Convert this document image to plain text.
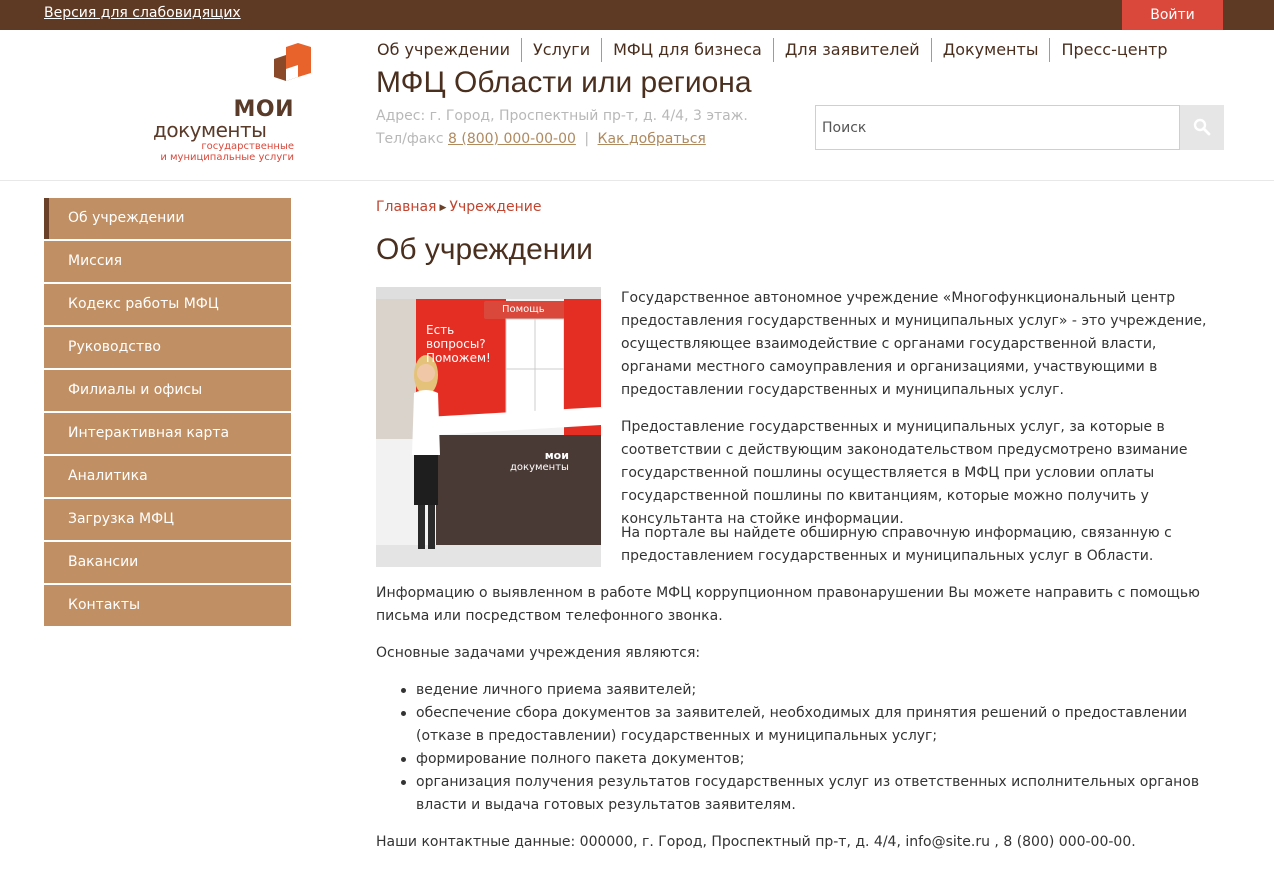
Версия для слабовидящих	Войти
МОИ
документы
государственные
и муниципальные услуги
Об учреждении	Услуги	МФЦ для бизнеса	Для заявителей	Документы	Пресс-центр
МФЦ Области или региона
Адрес: г. Город, Проспектный пр-т, д. 4/4, 3 этаж.
Тел/факс 8 (800) 000-00-00 | Как добраться
Поиск
Об учреждении
Миссия
Кодекс работы МФЦ
Руководство
Филиалы и офисы
Интерактивная карта
Аналитика
Загрузка МФЦ
Вакансии
Контакты
Главная ▶ Учреждение
Об учреждении
Есть
вопросы?
Поможем!
Помощь
мои
документы
Государственное автономное учреждение «Многофункциональный центр предоставления государственных и муниципальных услуг» - это учреждение, осуществляющее взаимодействие с органами государственной власти, органами местного самоуправления и организациями, участвующими в предоставлении государственных и муниципальных услуг.
Предоставление государственных и муниципальных услуг, за которые в соответствии с действующим законодательством предусмотрено взимание государственной пошлины осуществляется в МФЦ при условии оплаты государственной пошлины по квитанциям, которые можно получить у консультанта на стойке информации.
На портале вы найдете обширную справочную информацию, связанную с предоставлением государственных и муниципальных услуг в Области.
Информацию о выявленном в работе МФЦ коррупционном правонарушении Вы можете направить с помощью письма или посредством телефонного звонка.
Основные задачами учреждения являются:
ведение личного приема заявителей;
обеспечение сбора документов за заявителей, необходимых для принятия решений о предоставлении (отказе в предоставлении) государственных и муниципальных услуг;
формирование полного пакета документов;
организация получения результатов государственных услуг из ответственных исполнительных органов власти и выдача готовых результатов заявителям.
Наши контактные данные: 000000, г. Город, Проспектный пр-т, д. 4/4, info@site.ru , 8 (800) 000-00-00.
